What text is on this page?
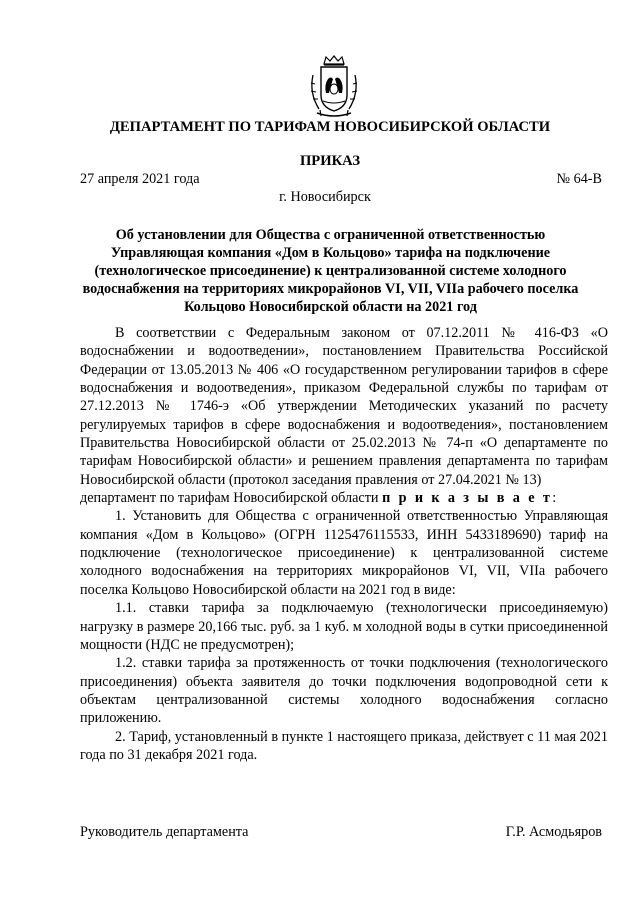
ДЕПАРТАМЕНТ ПО ТАРИФАМ НОВОСИБИРСКОЙ ОБЛАСТИ
ПРИКАЗ
27 апреля 2021 года	№ 64-В
г. Новосибирск
Об установлении для Общества с ограниченной ответственностью Управляющая компания «Дом в Кольцово» тарифа на подключение (технологическое присоединение) к централизованной системе холодного водоснабжения на территориях микрорайонов VI, VII, VIIа рабочего поселка Кольцово Новосибирской области на 2021 год

В соответствии с Федеральным законом от 07.12.2011 № 416-ФЗ «О водоснабжении и водоотведении», постановлением Правительства Российской Федерации от 13.05.2013 № 406 «О государственном регулировании тарифов в сфере водоснабжения и водоотведения», приказом Федеральной службы по тарифам от 27.12.2013 № 1746-э «Об утверждении Методических указаний по расчету регулируемых тарифов в сфере водоснабжения и водоотведения», постановлением Правительства Новосибирской области от 25.02.2013 № 74-п «О департаменте по тарифам Новосибирской области» и решением правления департамента по тарифам Новосибирской области (протокол заседания правления от 27.04.2021 № 13)

департамент по тарифам Новосибирской области п р и к а з ы в а е т:

1. Установить для Общества с ограниченной ответственностью Управляющая компания «Дом в Кольцово» (ОГРН 1125476115533, ИНН 5433189690) тариф на подключение (технологическое присоединение) к централизованной системе холодного водоснабжения на территориях микрорайонов VI, VII, VIIа рабочего поселка Кольцово Новосибирской области на 2021 год в виде:

1.1. ставки тарифа за подключаемую (технологически присоединяемую) нагрузку в размере 20,166 тыс. руб. за 1 куб. м холодной воды в сутки присоединенной мощности (НДС не предусмотрен);

1.2. ставки тарифа за протяженность от точки подключения (технологического присоединения) объекта заявителя до точки подключения водопроводной сети к объектам централизованной системы холодного водоснабжения согласно приложению.

2. Тариф, установленный в пункте 1 настоящего приказа, действует с 11 мая 2021 года по 31 декабря 2021 года.

Руководитель департамента	Г.Р. Асмодьяров
